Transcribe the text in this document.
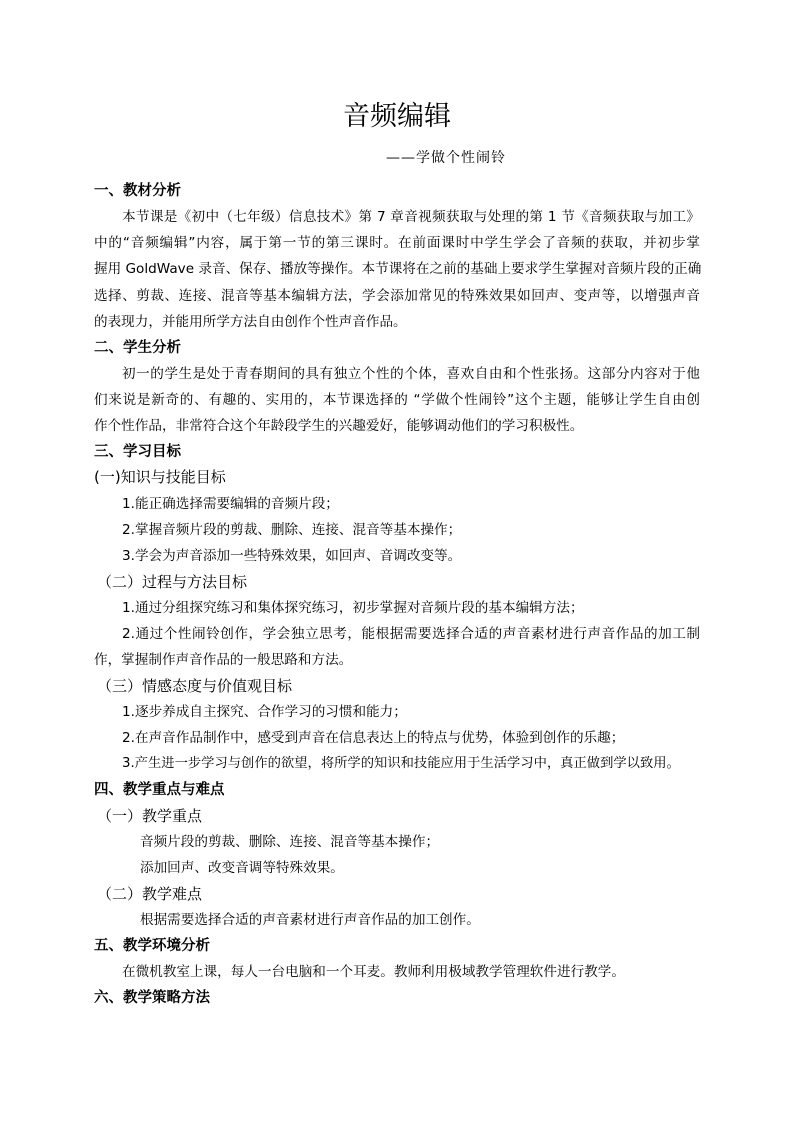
音频编辑
——学做个性闹铃
一、教材分析
本节课是《初中（七年级）信息技术》第 7 章音视频获取与处理的第 1 节《音频获取与加工》
中的“音频编辑”内容，属于第一节的第三课时。在前面课时中学生学会了音频的获取，并初步掌
握用 GoldWave 录音、保存、播放等操作。本节课将在之前的基础上要求学生掌握对音频片段的正确
选择、剪裁、连接、混音等基本编辑方法，学会添加常见的特殊效果如回声、变声等，以增强声音
的表现力，并能用所学方法自由创作个性声音作品。
二、学生分析
初一的学生是处于青春期间的具有独立个性的个体，喜欢自由和个性张扬。这部分内容对于他
们来说是新奇的、有趣的、实用的，本节课选择的 “学做个性闹铃”这个主题，能够让学生自由创
作个性作品，非常符合这个年龄段学生的兴趣爱好，能够调动他们的学习积极性。
三、学习目标
(一)知识与技能目标
1.能正确选择需要编辑的音频片段；
2.掌握音频片段的剪裁、删除、连接、混音等基本操作；
3.学会为声音添加一些特殊效果，如回声、音调改变等。
（二）过程与方法目标
1.通过分组探究练习和集体探究练习，初步掌握对音频片段的基本编辑方法；
2.通过个性闹铃创作，学会独立思考，能根据需要选择合适的声音素材进行声音作品的加工制
作，掌握制作声音作品的一般思路和方法。
（三）情感态度与价值观目标
1.逐步养成自主探究、合作学习的习惯和能力；
2.在声音作品制作中，感受到声音在信息表达上的特点与优势，体验到创作的乐趣；
3.产生进一步学习与创作的欲望，将所学的知识和技能应用于生活学习中，真正做到学以致用。
四、教学重点与难点
（一）教学重点
音频片段的剪裁、删除、连接、混音等基本操作；
添加回声、改变音调等特殊效果。
（二）教学难点
根据需要选择合适的声音素材进行声音作品的加工创作。
五、教学环境分析
在微机教室上课，每人一台电脑和一个耳麦。教师利用极域教学管理软件进行教学。
六、教学策略方法
